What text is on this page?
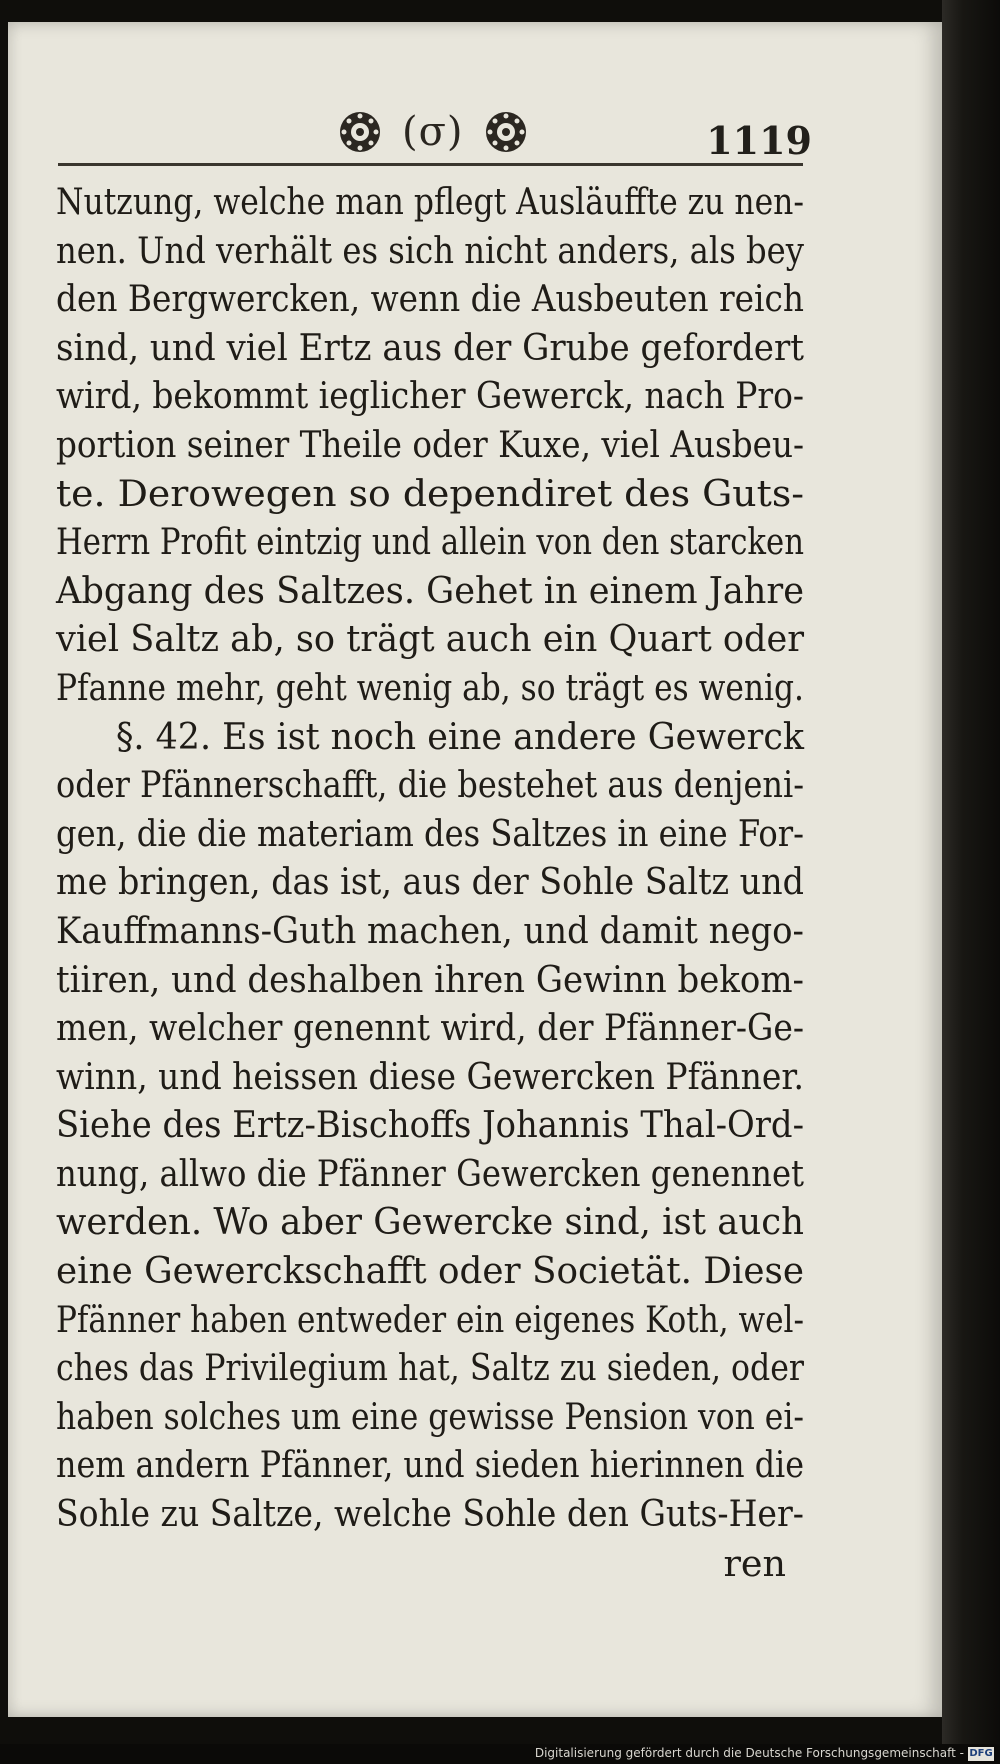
(σ)	1119
Nutzung, welche man pflegt Ausläuffte zu nen-
nen. Und verhält es sich nicht anders, als bey
den Bergwercken, wenn die Ausbeuten reich
sind, und viel Ertz aus der Grube gefordert
wird, bekommt ieglicher Gewerck, nach Pro-
portion seiner Theile oder Kuxe, viel Ausbeu-
te. Derowegen so dependiret des Guts-
Herrn Profit eintzig und allein von den starcken
Abgang des Saltzes. Gehet in einem Jahre
viel Saltz ab, so trägt auch ein Quart oder
Pfanne mehr, geht wenig ab, so trägt es wenig.
§. 42. Es ist noch eine andere Gewerck
oder Pfännerschafft, die bestehet aus denjeni-
gen, die die materiam des Saltzes in eine For-
me bringen, das ist, aus der Sohle Saltz und
Kauffmanns-Guth machen, und damit nego-
tiiren, und deshalben ihren Gewinn bekom-
men, welcher genennt wird, der Pfänner-Ge-
winn, und heissen diese Gewercken Pfänner.
Siehe des Ertz-Bischoffs Johannis Thal-Ord-
nung, allwo die Pfänner Gewercken genennet
werden. Wo aber Gewercke sind, ist auch
eine Gewerckschafft oder Societät. Diese
Pfänner haben entweder ein eigenes Koth, wel-
ches das Privilegium hat, Saltz zu sieden, oder
haben solches um eine gewisse Pension von ei-
nem andern Pfänner, und sieden hierinnen die
Sohle zu Saltze, welche Sohle den Guts-Her-
ren
Digitalisierung gefördert durch die Deutsche Forschungsgemeinschaft - DFG
